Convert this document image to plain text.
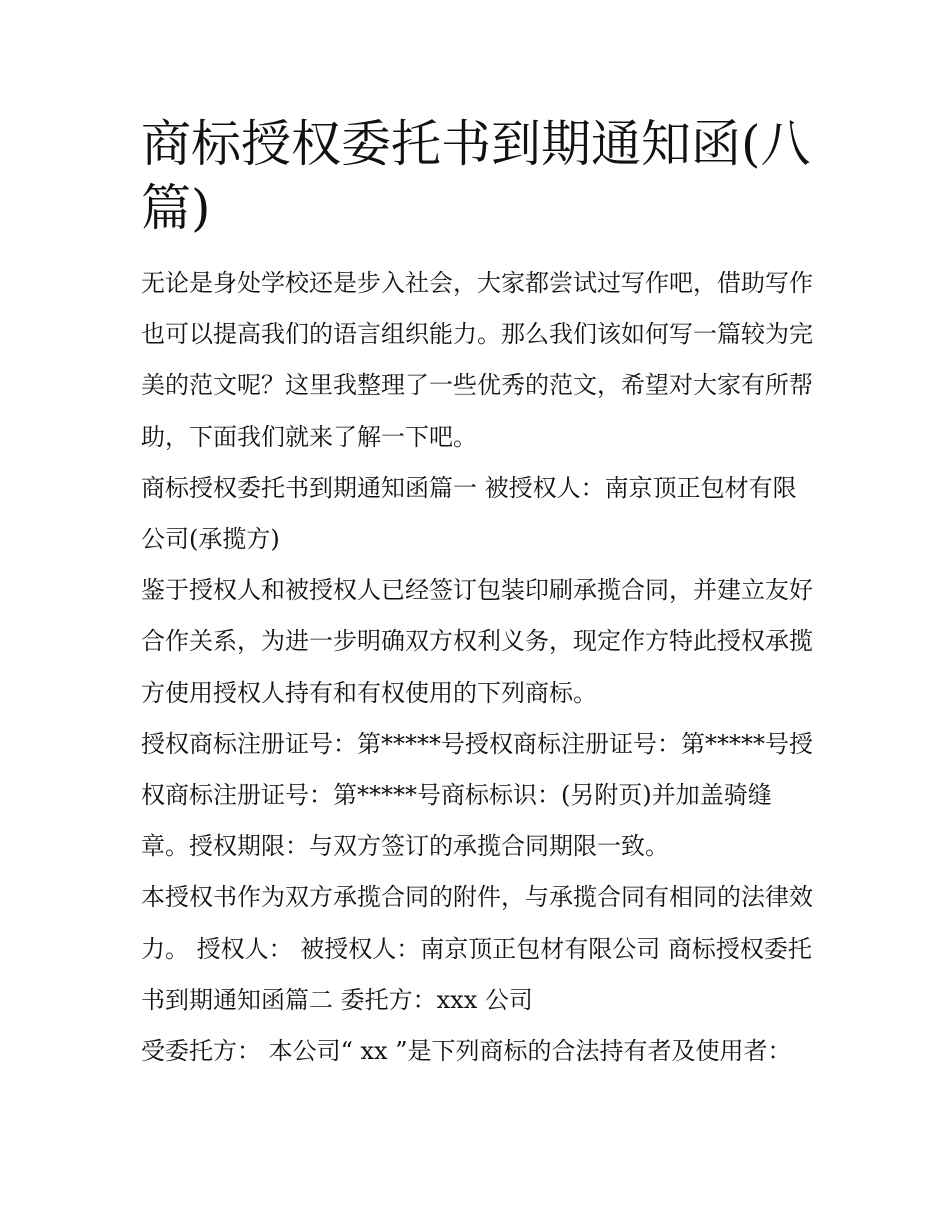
商标授权委托书到期通知函(八篇)

无论是身处学校还是步入社会，大家都尝试过写作吧，借助写作也可以提高我们的语言组织能力。那么我们该如何写一篇较为完美的范文呢？这里我整理了一些优秀的范文，希望对大家有所帮助，下面我们就来了解一下吧。

商标授权委托书到期通知函篇一 被授权人：南京顶正包材有限公司(承揽方)

鉴于授权人和被授权人已经签订包装印刷承揽合同，并建立友好合作关系，为进一步明确双方权利义务，现定作方特此授权承揽方使用授权人持有和有权使用的下列商标。

授权商标注册证号：第*****号授权商标注册证号：第*****号授权商标注册证号：第*****号商标标识：(另附页)并加盖骑缝章。授权期限：与双方签订的承揽合同期限一致。

本授权书作为双方承揽合同的附件，与承揽合同有相同的法律效力。 授权人： 被授权人：南京顶正包材有限公司 商标授权委托书到期通知函篇二 委托方：xxx 公司

受委托方： 本公司“ xx ”是下列商标的合法持有者及使用者：
